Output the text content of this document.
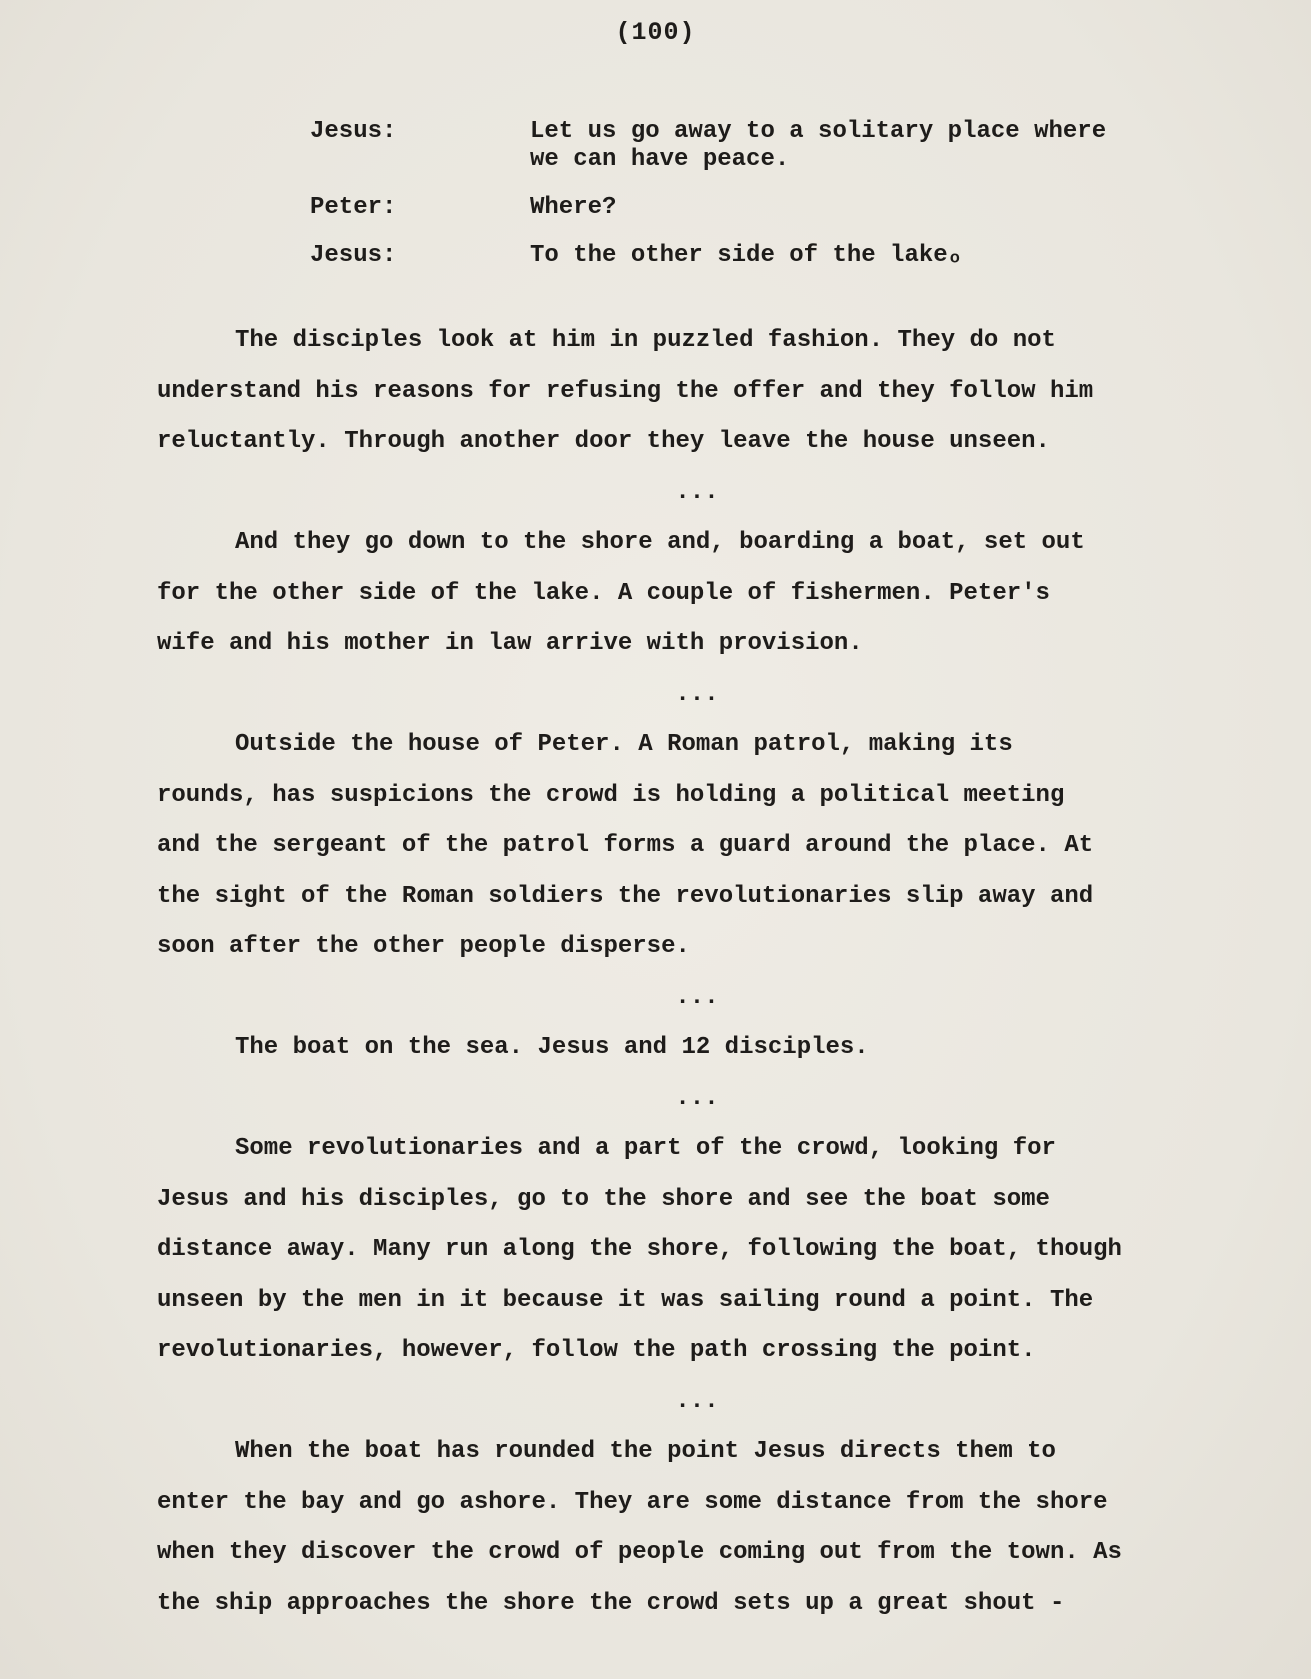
(100)
Jesus:	Let us go away to a solitary place where
we can have peace.
Peter:	Where?
Jesus:	To the other side of the lakeₒ

The disciples look at him in puzzled fashion. They do not
understand his reasons for refusing the offer and they follow him
reluctantly. Through another door they leave the house unseen.

...

And they go down to the shore and, boarding a boat, set out
for the other side of the lake. A couple of fishermen. Peter's
wife and his mother in law arrive with provision.

...

Outside the house of Peter. A Roman patrol, making its
rounds, has suspicions the crowd is holding a political meeting
and the sergeant of the patrol forms a guard around the place. At
the sight of the Roman soldiers the revolutionaries slip away and
soon after the other people disperse.

...

The boat on the sea. Jesus and 12 disciples.

...

Some revolutionaries and a part of the crowd, looking for
Jesus and his disciples, go to the shore and see the boat some
distance away. Many run along the shore, following the boat, though
unseen by the men in it because it was sailing round a point. The
revolutionaries, however, follow the path crossing the point.

...

When the boat has rounded the point Jesus directs them to
enter the bay and go ashore. They are some distance from the shore
when they discover the crowd of people coming out from the town. As
the ship approaches the shore the crowd sets up a great shout -
